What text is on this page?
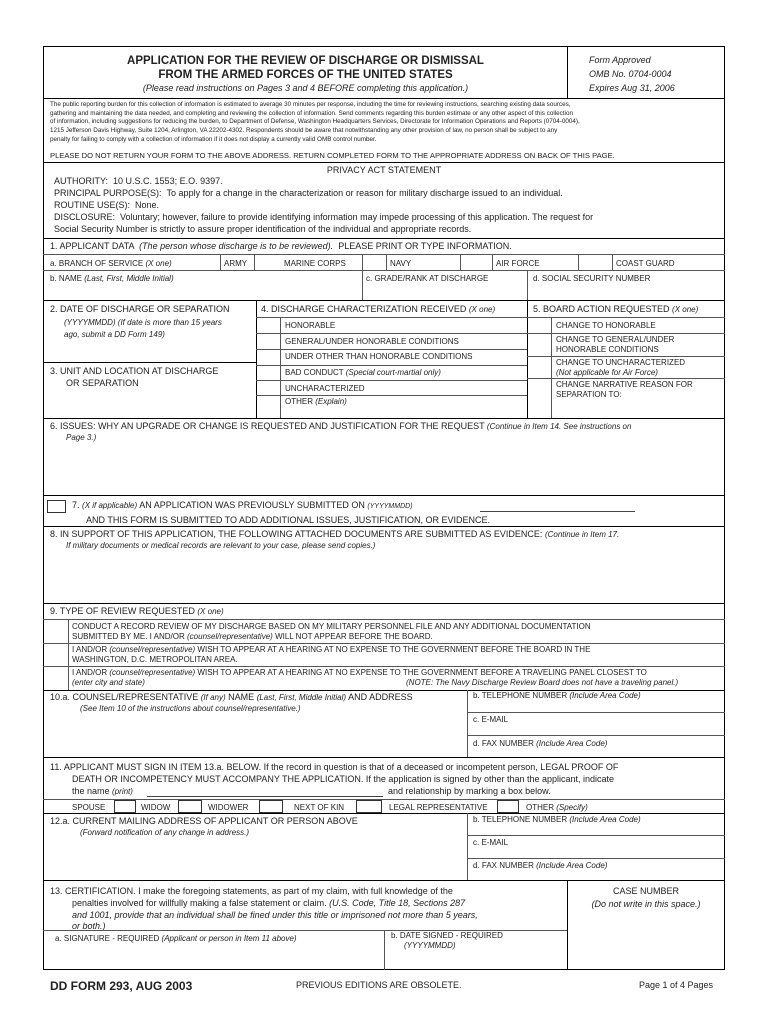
APPLICATION FOR THE REVIEW OF DISCHARGE OR DISMISSAL
FROM THE ARMED FORCES OF THE UNITED STATES
(Please read instructions on Pages 3 and 4 BEFORE completing this application.)
Form Approved
OMB No. 0704-0004
Expires Aug 31, 2006
The public reporting burden for this collection of information is estimated to average 30 minutes per response, including the time for reviewing instructions, searching existing data sources,
gathering and maintaining the data needed, and completing and reviewing the collection of information. Send comments regarding this burden estimate or any other aspect of this collection
of information, including suggestions for reducing the burden, to Department of Defense, Washington Headquarters Services, Directorate for Information Operations and Reports (0704-0004),
1215 Jefferson Davis Highway, Suite 1204, Arlington, VA 22202-4302. Respondents should be aware that notwithstanding any other provision of law, no person shall be subject to any
penalty for failing to comply with a collection of information if it does not display a currently valid OMB control number.
PLEASE DO NOT RETURN YOUR FORM TO THE ABOVE ADDRESS. RETURN COMPLETED FORM TO THE APPROPRIATE ADDRESS ON BACK OF THIS PAGE.
PRIVACY ACT STATEMENT
AUTHORITY: 10 U.S.C. 1553; E.O. 9397.
PRINCIPAL PURPOSE(S): To apply for a change in the characterization or reason for military discharge issued to an individual.
ROUTINE USE(S): None.
DISCLOSURE: Voluntary; however, failure to provide identifying information may impede processing of this application. The request for
Social Security Number is strictly to assure proper identification of the individual and appropriate records.
1. APPLICANT DATA (The person whose discharge is to be reviewed). PLEASE PRINT OR TYPE INFORMATION.
a. BRANCH OF SERVICE (X one)	ARMY	MARINE CORPS	NAVY	AIR FORCE	COAST GUARD
b. NAME (Last, First, Middle Initial)	c. GRADE/RANK AT DISCHARGE	d. SOCIAL SECURITY NUMBER
2. DATE OF DISCHARGE OR SEPARATION
(YYYYMMDD) (If date is more than 15 years
ago, submit a DD Form 149)
3. UNIT AND LOCATION AT DISCHARGE
OR SEPARATION
4. DISCHARGE CHARACTERIZATION RECEIVED (X one)
HONORABLE
GENERAL/UNDER HONORABLE CONDITIONS
UNDER OTHER THAN HONORABLE CONDITIONS
BAD CONDUCT (Special court-martial only)
UNCHARACTERIZED
OTHER (Explain)
5. BOARD ACTION REQUESTED (X one)
CHANGE TO HONORABLE
CHANGE TO GENERAL/UNDER
HONORABLE CONDITIONS
CHANGE TO UNCHARACTERIZED
(Not applicable for Air Force)
CHANGE NARRATIVE REASON FOR
SEPARATION TO:
6. ISSUES: WHY AN UPGRADE OR CHANGE IS REQUESTED AND JUSTIFICATION FOR THE REQUEST (Continue in Item 14. See instructions on
Page 3.)
7. (X if applicable) AN APPLICATION WAS PREVIOUSLY SUBMITTED ON (YYYYMMDD)
AND THIS FORM IS SUBMITTED TO ADD ADDITIONAL ISSUES, JUSTIFICATION, OR EVIDENCE.
8. IN SUPPORT OF THIS APPLICATION, THE FOLLOWING ATTACHED DOCUMENTS ARE SUBMITTED AS EVIDENCE: (Continue in Item 17.
If military documents or medical records are relevant to your case, please send copies.)
9. TYPE OF REVIEW REQUESTED (X one)
CONDUCT A RECORD REVIEW OF MY DISCHARGE BASED ON MY MILITARY PERSONNEL FILE AND ANY ADDITIONAL DOCUMENTATION
SUBMITTED BY ME. I AND/OR (counsel/representative) WILL NOT APPEAR BEFORE THE BOARD.
I AND/OR (counsel/representative) WISH TO APPEAR AT A HEARING AT NO EXPENSE TO THE GOVERNMENT BEFORE THE BOARD IN THE
WASHINGTON, D.C. METROPOLITAN AREA.
I AND/OR (counsel/representative) WISH TO APPEAR AT A HEARING AT NO EXPENSE TO THE GOVERNMENT BEFORE A TRAVELING PANEL CLOSEST TO
(enter city and state)	(NOTE: The Navy Discharge Review Board does not have a traveling panel.)
10.a. COUNSEL/REPRESENTATIVE (If any) NAME (Last, First, Middle Initial) AND ADDRESS
(See Item 10 of the instructions about counsel/representative.)
b. TELEPHONE NUMBER (Include Area Code)
c. E-MAIL
d. FAX NUMBER (Include Area Code)
11. APPLICANT MUST SIGN IN ITEM 13.a. BELOW. If the record in question is that of a deceased or incompetent person, LEGAL PROOF OF
DEATH OR INCOMPETENCY MUST ACCOMPANY THE APPLICATION. If the application is signed by other than the applicant, indicate
the name (print)	and relationship by marking a box below.
SPOUSE	WIDOW	WIDOWER	NEXT OF KIN	LEGAL REPRESENTATIVE	OTHER (Specify)
12.a. CURRENT MAILING ADDRESS OF APPLICANT OR PERSON ABOVE
(Forward notification of any change in address.)
b. TELEPHONE NUMBER (Include Area Code)
c. E-MAIL
d. FAX NUMBER (Include Area Code)
13. CERTIFICATION. I make the foregoing statements, as part of my claim, with full knowledge of the
penalties involved for willfully making a false statement or claim. (U.S. Code, Title 18, Sections 287
and 1001, provide that an individual shall be fined under this title or imprisoned not more than 5 years,
or both.)
CASE NUMBER
(Do not write in this space.)
a. SIGNATURE - REQUIRED (Applicant or person in Item 11 above)	b. DATE SIGNED - REQUIRED
(YYYYMMDD)
DD FORM 293, AUG 2003	PREVIOUS EDITIONS ARE OBSOLETE.	Page 1 of 4 Pages
